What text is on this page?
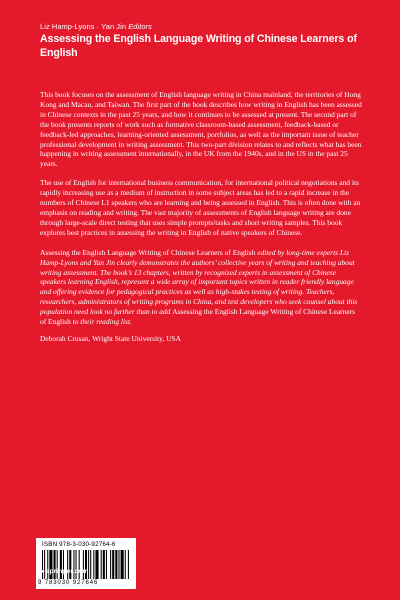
Liz Hamp-Lyons · Yan Jin Editors
Assessing the English Language Writing of Chinese Learners of English

This book focuses on the assessment of English language writing in China mainland, the territories of Hong Kong and Macau, and Taiwan. The first part of the book describes how writing in English has been assessed in Chinese contexts in the past 25 years, and how it continues to be assessed at present. The second part of the book presents reports of work such as formative classroom-based assessment, feedback-based or feedback-led approaches, learning-oriented assessment, portfolios, as well as the important issue of teacher professional development in writing assessment. This two-part division relates to and reflects what has been happening in writing assessment internationally, in the UK from the 1940s, and in the US in the past 25 years.

The use of English for international business communication, for international political negotiations and its rapidly increasing use as a medium of instruction in some subject areas has led to a rapid increase in the numbers of Chinese L1 speakers who are learning and being assessed in English. This is often done with an emphasis on reading and writing. The vast majority of assessments of English language writing are done through large-scale direct testing that uses simple prompts/tasks and short writing samples. This book explores best practices in assessing the writing in English of native speakers of Chinese.

Assessing the English Language Writing of Chinese Learners of English edited by long-time experts Liz Hamp-Lyons and Yan Jin clearly demonstrates the authors’ collective years of writing and teaching about writing assessment. The book’s 13 chapters, written by recognized experts in assessment of Chinese speakers learning English, represent a wide array of important topics written in reader friendly language and offering evidence for pedagogical practices as well as high-stakes testing of writing. Teachers, researchers, administrators of writing programs in China, and test developers who seek counsel about this population need look no further than to add Assessing the English Language Writing of Chinese Learners of English to their reading list.

Deborah Crusan, Wright State University, USA

ISBN 978-3-030-92764-6
9 783030 927646
▶springer.com
